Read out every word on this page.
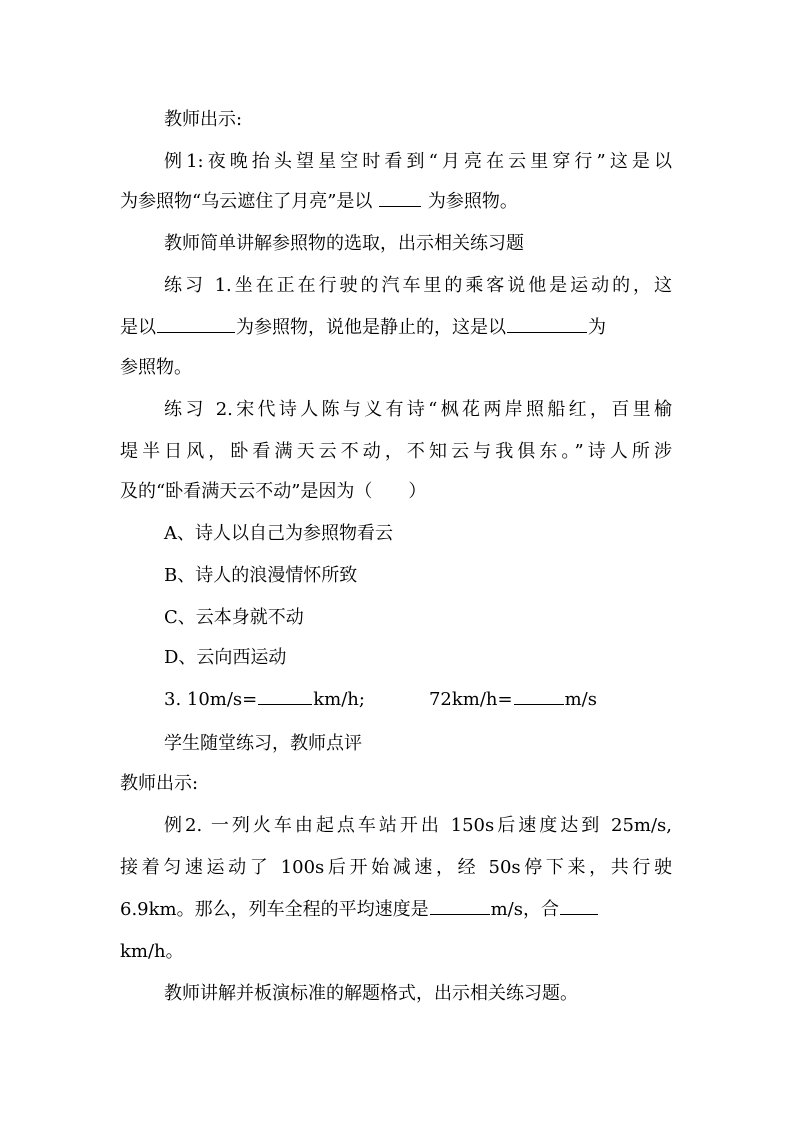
教师出示:
例1:夜晚抬头望星空时看到“月亮在云里穿行”这是以
为参照物“乌云遮住了月亮”是以	为参照物。
教师简单讲解参照物的选取，出示相关练习题
练习 1.坐在正在行驶的汽车里的乘客说他是运动的，这
是以	为参照物，说他是静止的，这是以	为
参照物。
练习 2.宋代诗人陈与义有诗“枫花两岸照船红，百里榆
堤半日风，卧看满天云不动，不知云与我俱东。”诗人所涉
及的“卧看满天云不动”是因为（　　）
A、诗人以自己为参照物看云
B、诗人的浪漫情怀所致
C、云本身就不动
D、云向西运动
3. 10m/s=	km/h;	72km/h=	m/s
学生随堂练习，教师点评
教师出示:
例2. 一列火车由起点车站开出 150s后速度达到 25m/s,
接着匀速运动了 100s后开始减速，经 50s停下来，共行驶
6.9km。那么，列车全程的平均速度是	m/s，合
km/h。
教师讲解并板演标准的解题格式，出示相关练习题。
